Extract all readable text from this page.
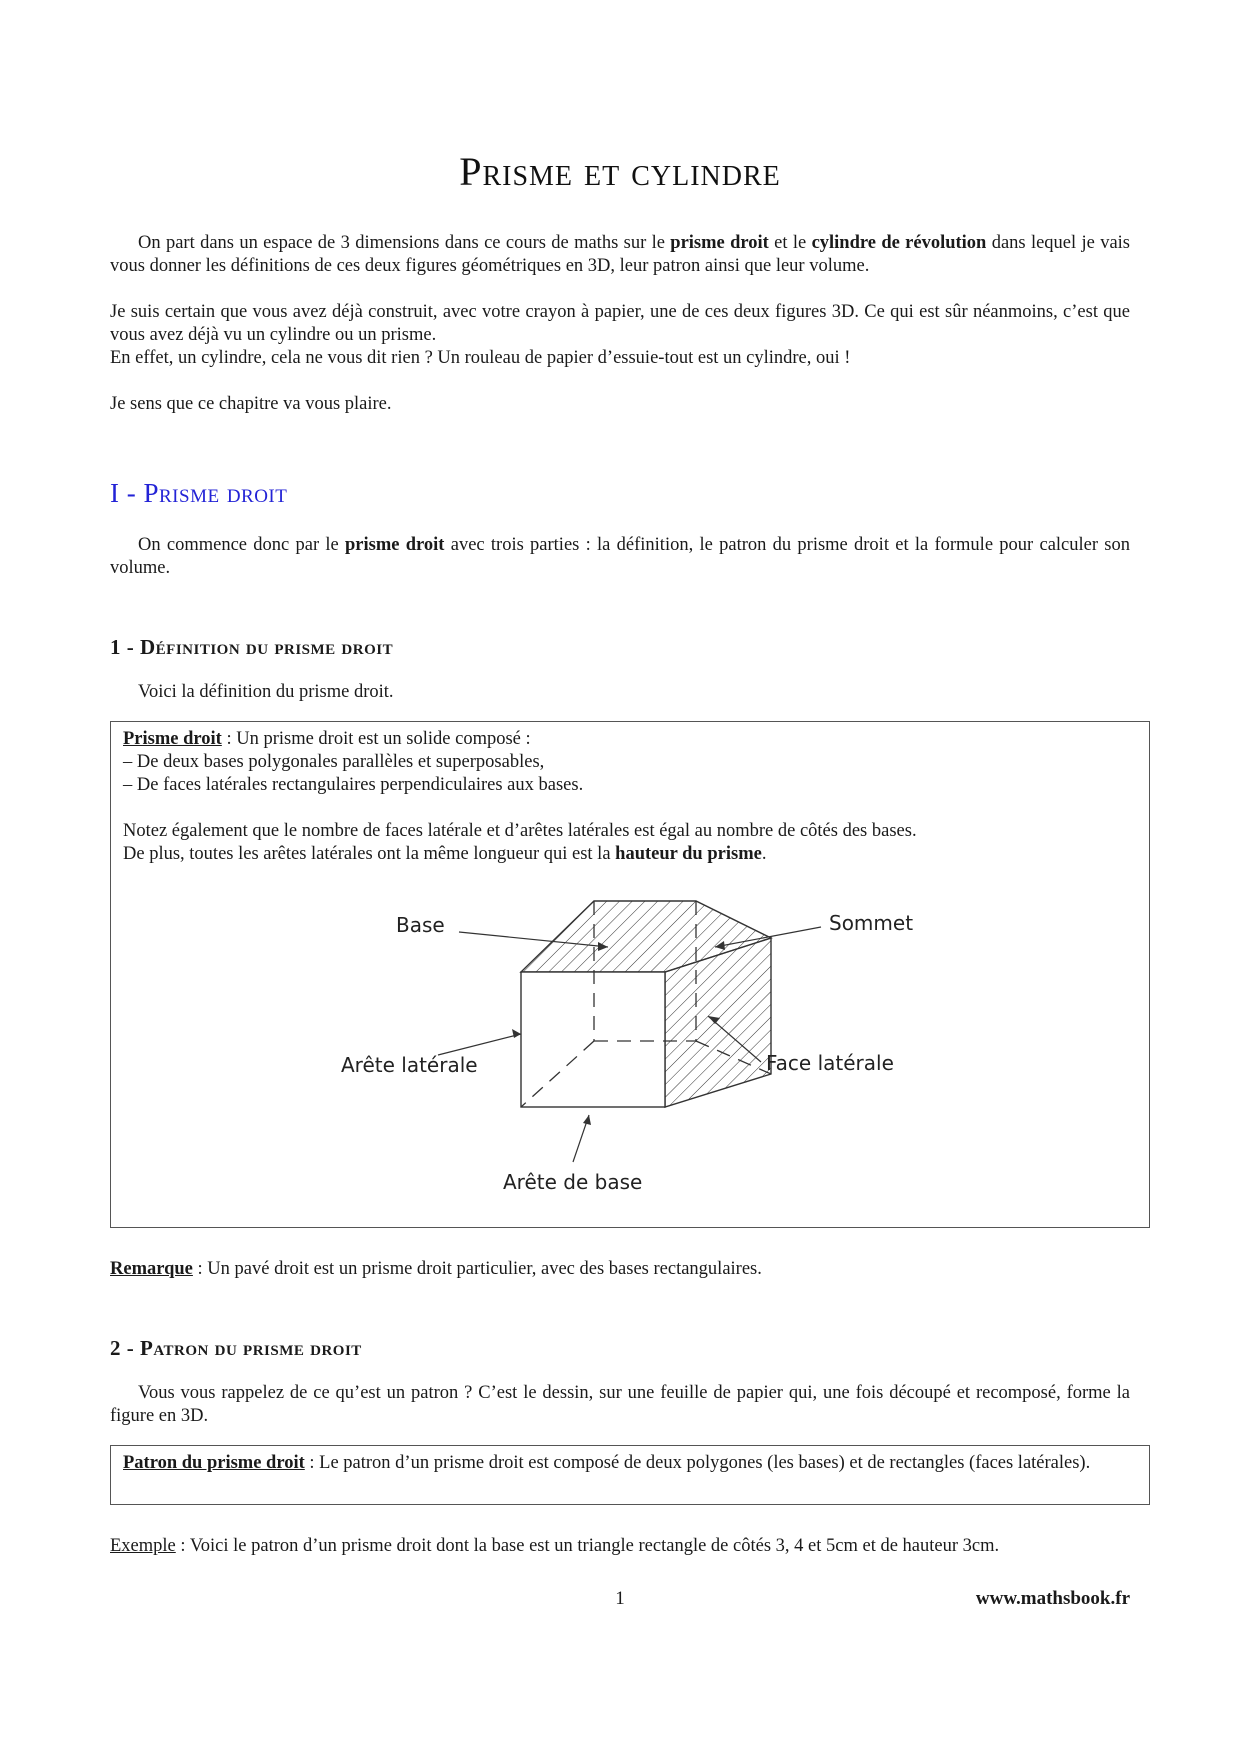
Prisme et cylindre

On part dans un espace de 3 dimensions dans ce cours de maths sur le prisme droit et le cylindre de révolution dans lequel je vais vous donner les définitions de ces deux figures géométriques en 3D, leur patron ainsi que leur volume.

Je suis certain que vous avez déjà construit, avec votre crayon à papier, une de ces deux figures 3D. Ce qui est sûr néanmoins, c’est que vous avez déjà vu un cylindre ou un prisme.
En effet, un cylindre, cela ne vous dit rien ? Un rouleau de papier d’essuie-tout est un cylindre, oui !

Je sens que ce chapitre va vous plaire.

I - Prisme droit

On commence donc par le prisme droit avec trois parties : la définition, le patron du prisme droit et la formule pour calculer son volume.

1 - Définition du prisme droit

Voici la définition du prisme droit.

Prisme droit : Un prisme droit est un solide composé :

– De deux bases polygonales parallèles et superposables,

– De faces latérales rectangulaires perpendiculaires aux bases.

Notez également que le nombre de faces latérale et d’arêtes latérales est égal au nombre de côtés des bases.

De plus, toutes les arêtes latérales ont la même longueur qui est la hauteur du prisme.

Base	Sommet
Arête latérale	Face latérale
Arête de base

Remarque : Un pavé droit est un prisme droit particulier, avec des bases rectangulaires.

2 - Patron du prisme droit

Vous vous rappelez de ce qu’est un patron ? C’est le dessin, sur une feuille de papier qui, une fois découpé et recomposé, forme la figure en 3D.

Patron du prisme droit : Le patron d’un prisme droit est composé de deux polygones (les bases) et de rectangles (faces latérales).

Exemple : Voici le patron d’un prisme droit dont la base est un triangle rectangle de côtés 3, 4 et 5cm et de hauteur 3cm.

1	www.mathsbook.fr
